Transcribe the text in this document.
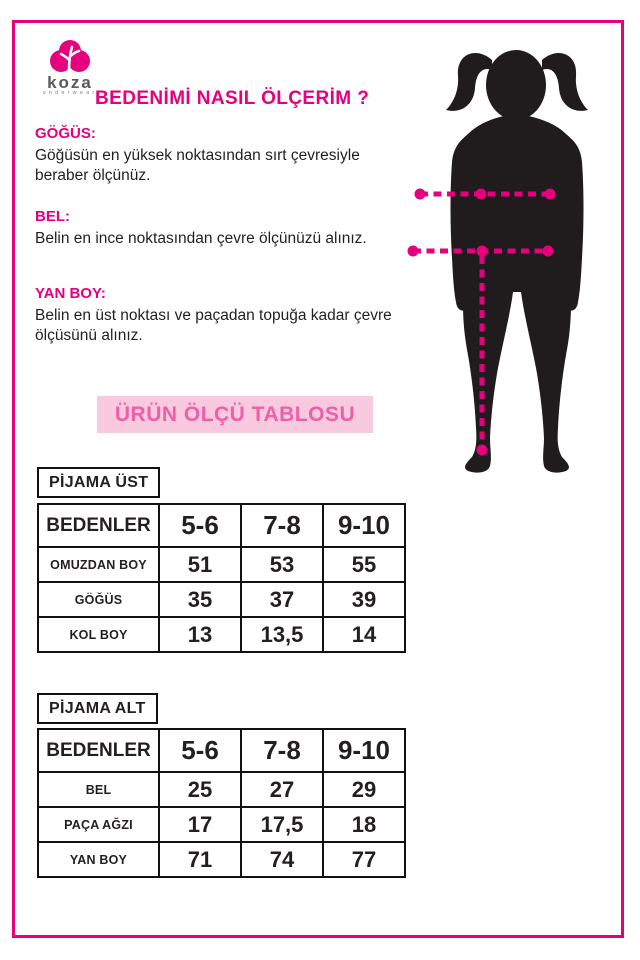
koza
underwear
BEDENİMİ NASIL ÖLÇERİM ?
GÖĞÜS:
Göğüsün en yüksek noktasından sırt çevresiyle beraber ölçünüz.
BEL:
Belin en ince noktasından çevre ölçünüzü alınız.
YAN BOY:
Belin en üst noktası ve paçadan topuğa kadar çevre ölçüsünü alınız.
ÜRÜN ÖLÇÜ TABLOSU
PİJAMA ÜST
BEDENLER	5-6	7-8	9-10
OMUZDAN BOY	51	53	55
GÖĞÜS	35	37	39
KOL BOY	13	13,5	14
PİJAMA ALT
BEDENLER	5-6	7-8	9-10
BEL	25	27	29
PAÇA AĞZI	17	17,5	18
YAN BOY	71	74	77
